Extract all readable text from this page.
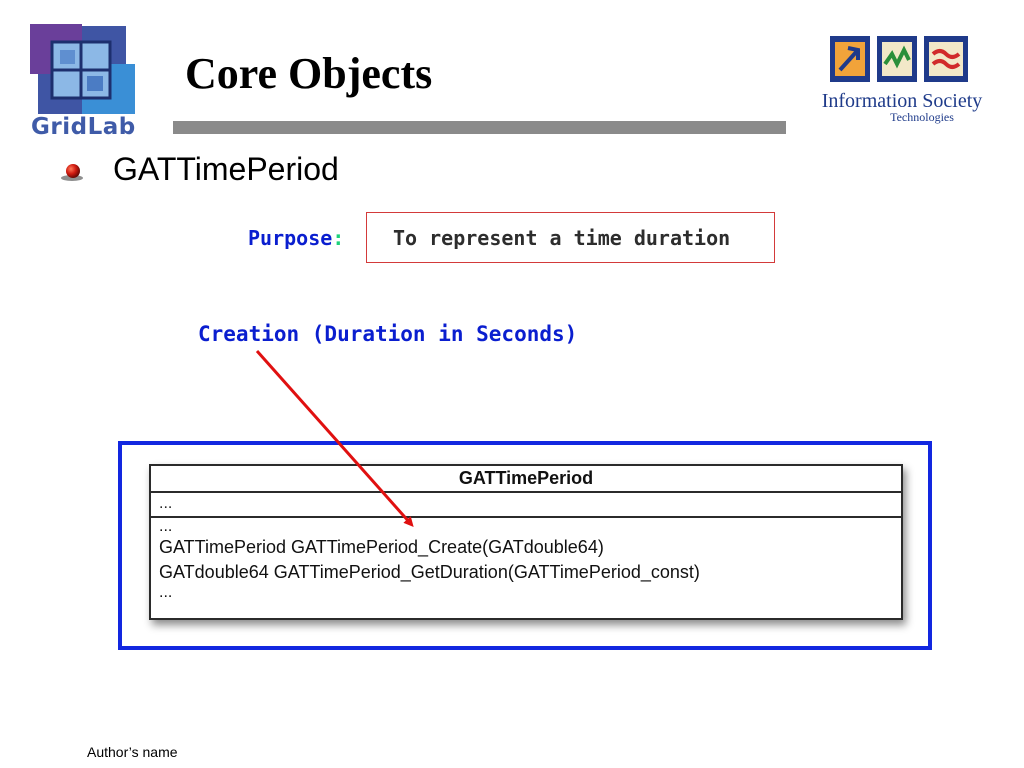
GridLab
Core Objects
Information Society
Technologies
GATTimePeriod
Purpose: To represent a time duration
Creation (Duration in Seconds)
GATTimePeriod
...
...
GATTimePeriod GATTimePeriod_Create(GATdouble64)
GATdouble64 GATTimePeriod_GetDuration(GATTimePeriod_const)
...
Author’s name
